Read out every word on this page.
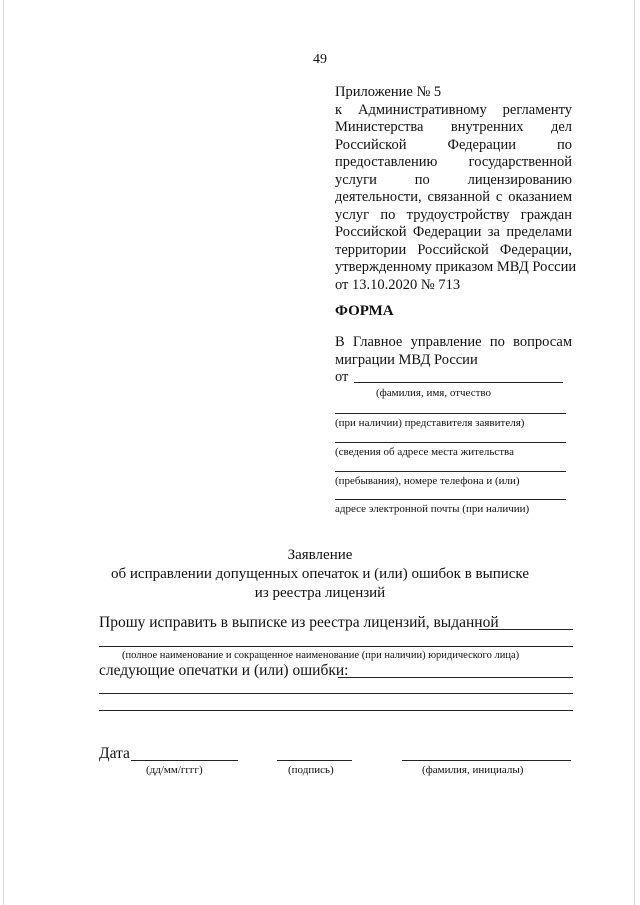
49
Приложение № 5
к Административному регламенту
Министерства внутренних дел
Российской Федерации по
предоставлению государственной
услуги по лицензированию
деятельности, связанной с оказанием
услуг по трудоустройству граждан
Российской Федерации за пределами
территории Российской Федерации,
утвержденному приказом МВД России
от 13.10.2020 № 713
ФОРМА
В Главное управление по вопросам
миграции МВД России
от
(фамилия, имя, отчество
(при наличии) представителя заявителя)
(сведения об адресе места жительства
(пребывания), номере телефона и (или)
адресе электронной почты (при наличии)
Заявление
об исправлении допущенных опечаток и (или) ошибок в выписке
из реестра лицензий
Прошу исправить в выписке из реестра лицензий, выданной
(полное наименование и сокращенное наименование (при наличии) юридического лица)
следующие опечатки и (или) ошибки:
Дата
(дд/мм/гггг)	(подпись)	(фамилия, инициалы)
